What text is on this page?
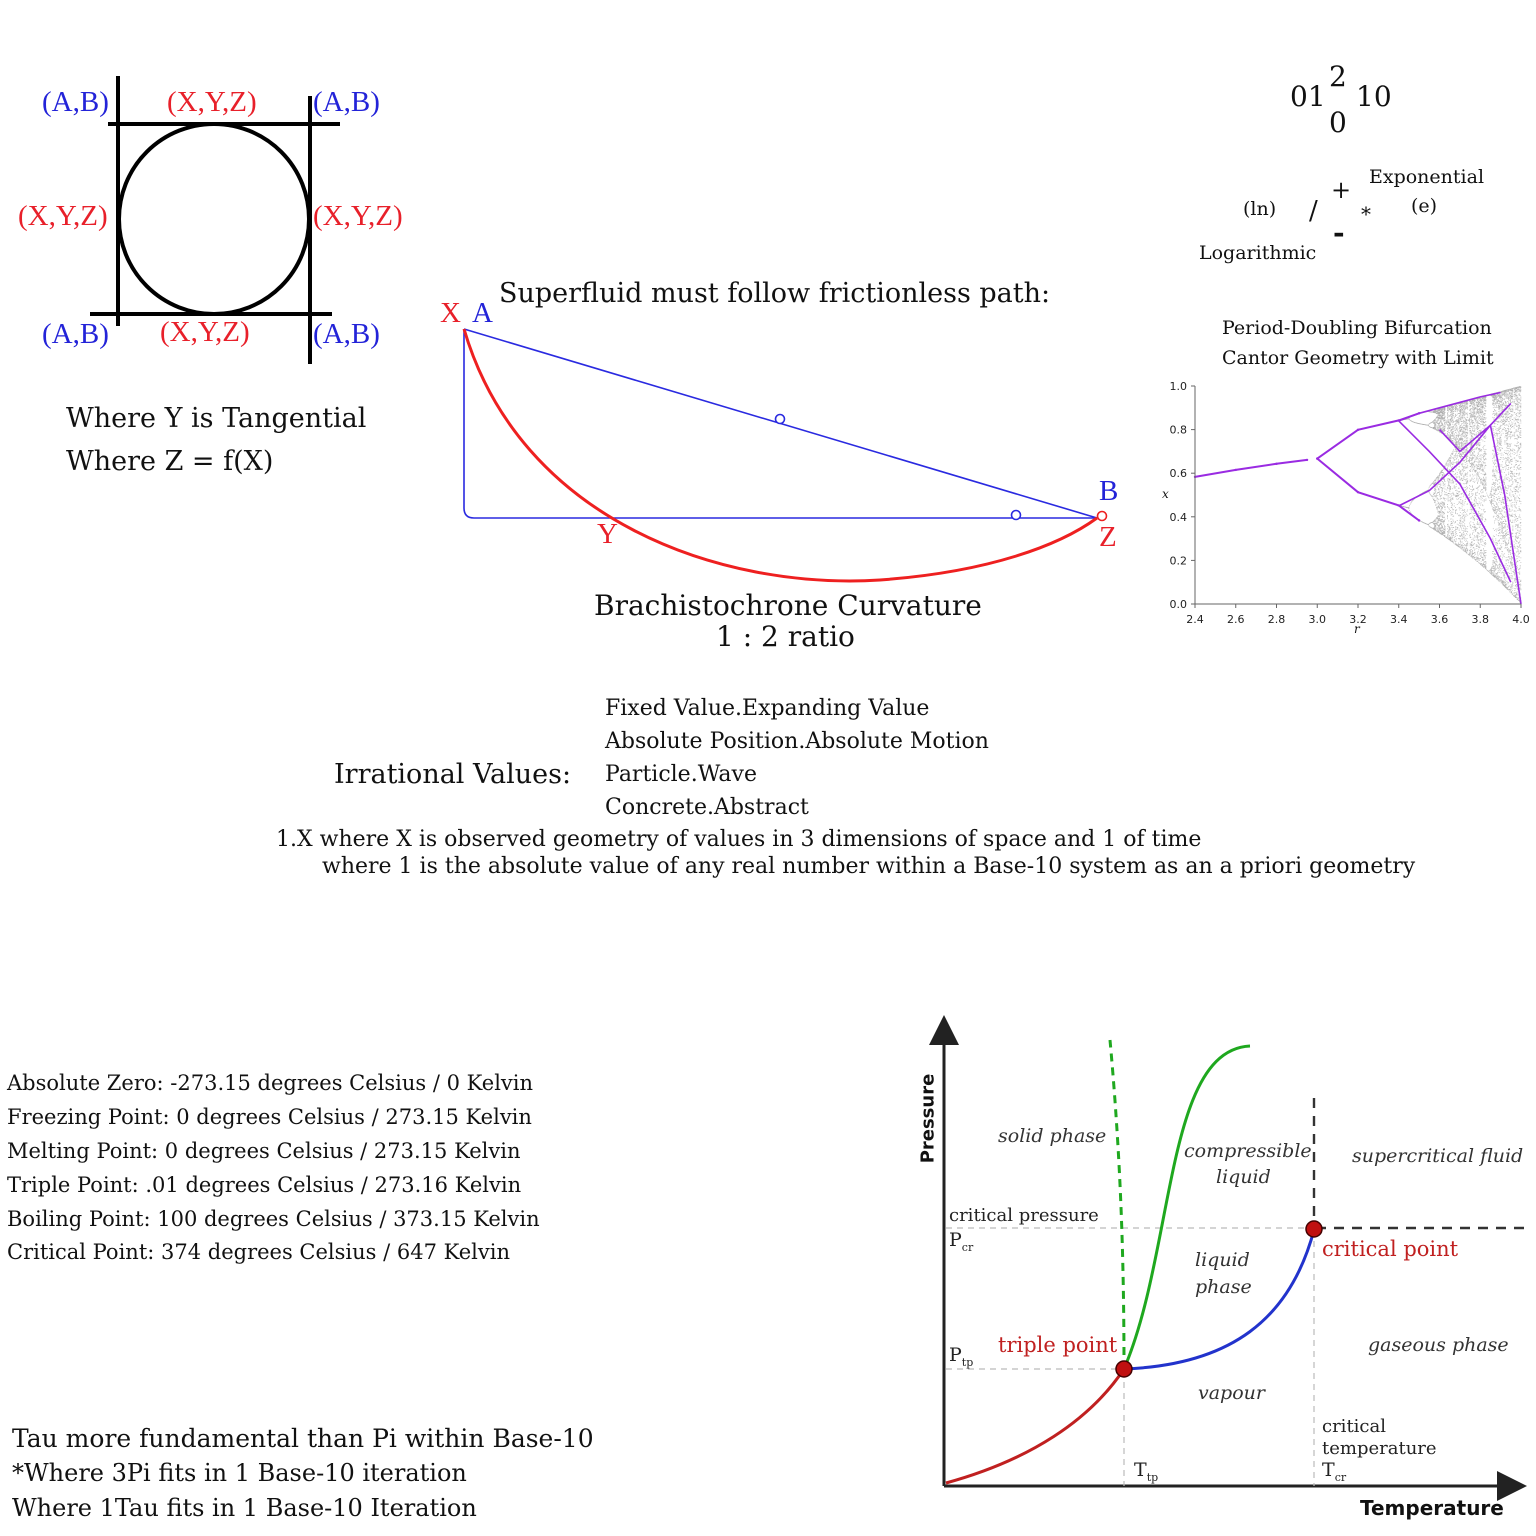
(A,B) (X,Y,Z) (A,B)
(X,Y,Z)	(X,Y,Z)
(A,B) (X,Y,Z) (A,B)
Where Y is Tangential
Where Z = f(X)
Superfluid must follow frictionless path:
X A
B
Y	Z
Brachistochrone Curvature
1 : 2 ratio
01
2
0
10
Exponential
+
(ln) / * (e)
-
Logarithmic
Period-Doubling Bifurcation
Cantor Geometry with Limit
2.4 2.6 2.8 3.0 3.2 3.4 3.6 3.8 4.0
0.0
0.2
0.4
0.6
0.8
1.0
x
r
Irrational Values:
Fixed Value.Expanding Value
Absolute Position.Absolute Motion
Particle.Wave
Concrete.Abstract
1.X where X is observed geometry of values in 3 dimensions of space and 1 of time
where 1 is the absolute value of any real number within a Base-10 system as an a priori geometry
Absolute Zero: -273.15 degrees Celsius / 0 Kelvin
Freezing Point: 0 degrees Celsius / 273.15 Kelvin
Melting Point: 0 degrees Celsius / 273.15 Kelvin
Triple Point: .01 degrees Celsius / 273.16 Kelvin
Boiling Point: 100 degrees Celsius / 373.15 Kelvin
Critical Point: 374 degrees Celsius / 647 Kelvin
Tau more fundamental than Pi within Base-10
*Where 3Pi fits in 1 Base-10 iteration
Where 1Tau fits in 1 Base-10 Iteration
Pressure
Temperature
solid phase
compressible
liquid
supercritical fluid
critical pressure
$P_{cr}$	critical point
liquid
phase
$P_{tp}$
triple point	gaseous phase
vapour
critical
temperature
$T_{cr}$
$T_{tp}$
